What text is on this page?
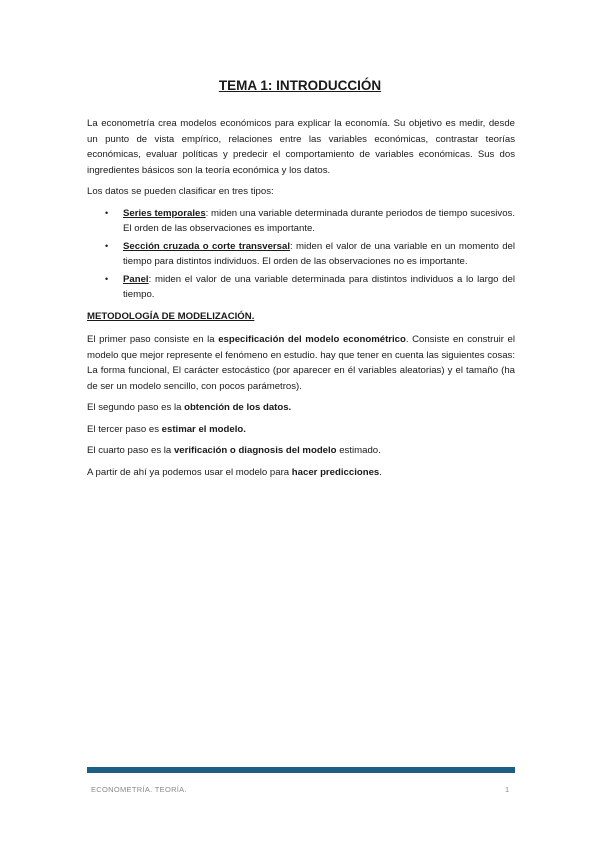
TEMA 1: INTRODUCCIÓN

La econometría crea modelos económicos para explicar la economía. Su objetivo es medir, desde un punto de vista empírico, relaciones entre las variables económicas, contrastar teorías económicas, evaluar políticas y predecir el comportamiento de variables económicas. Sus dos ingredientes básicos son la teoría económica y los datos.

Los datos se pueden clasificar en tres tipos:

• Series temporales: miden una variable determinada durante periodos de tiempo sucesivos. El orden de las observaciones es importante.
• Sección cruzada o corte transversal: miden el valor de una variable en un momento del tiempo para distintos individuos. El orden de las observaciones no es importante.
• Panel: miden el valor de una variable determinada para distintos individuos a lo largo del tiempo.

METODOLOGÍA DE MODELIZACIÓN.

El primer paso consiste en la especificación del modelo econométrico. Consiste en construir el modelo que mejor represente el fenómeno en estudio. hay que tener en cuenta las siguientes cosas: La forma funcional, El carácter estocástico (por aparecer en él variables aleatorias) y el tamaño (ha de ser un modelo sencillo, con pocos parámetros).

El segundo paso es la obtención de los datos.

El tercer paso es estimar el modelo.

El cuarto paso es la verificación o diagnosis del modelo estimado.

A partir de ahí ya podemos usar el modelo para hacer predicciones.

ECONOMETRÍA. TEORÍA.	1
